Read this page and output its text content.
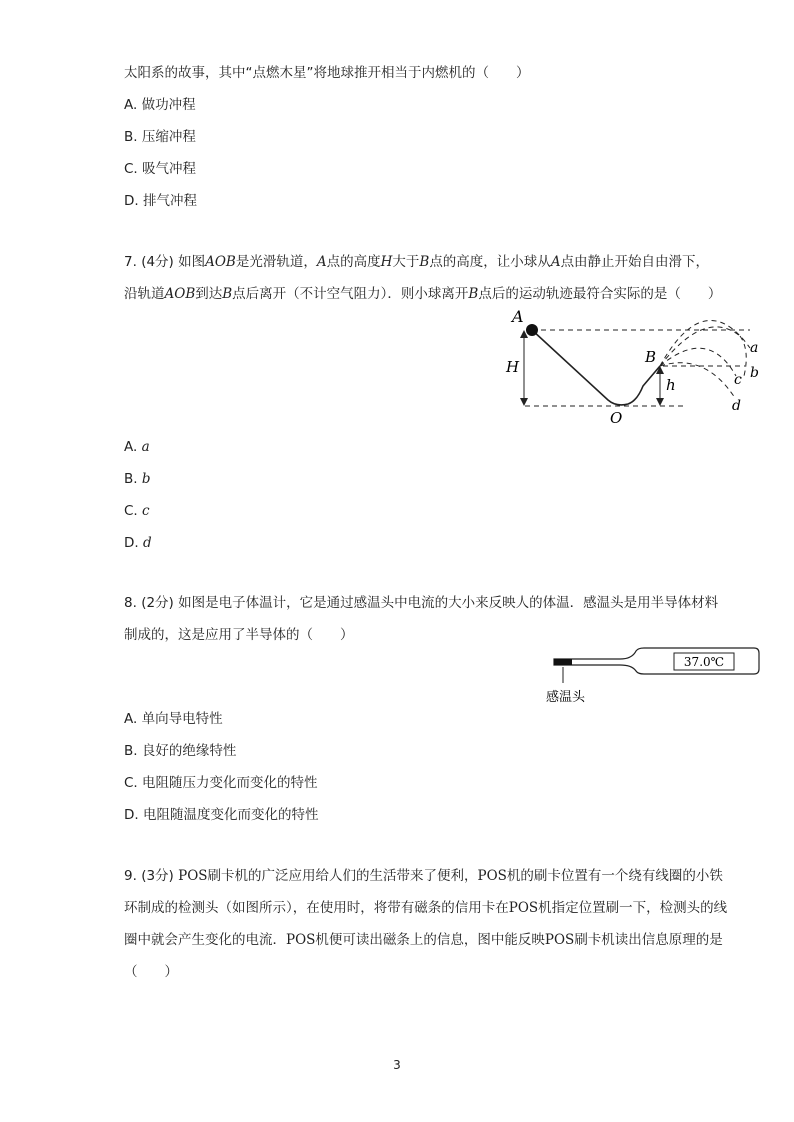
太阳系的故事，其中“点燃木星”将地球推开相当于内燃机的（　　）
A. 做功冲程
B. 压缩冲程
C. 吸气冲程
D. 排气冲程
7. (4分) 如图AOB是光滑轨道，A点的高度H大于B点的高度，让小球从A点由静止开始自由滑下，
沿轨道AOB到达B点后离开（不计空气阻力）．则小球离开B点后的运动轨迹最符合实际的是（　　）
A
H
B
h
O
a
b
c
d
A. a
B. b
C. c
D. d
8. (2分) 如图是电子体温计，它是通过感温头中电流的大小来反映人的体温．感温头是用半导体材料
制成的，这是应用了半导体的（　　）
37.0℃
感温头
A. 单向导电特性
B. 良好的绝缘特性
C. 电阻随压力变化而变化的特性
D. 电阻随温度变化而变化的特性
9. (3分) POS刷卡机的广泛应用给人们的生活带来了便利，POS机的刷卡位置有一个绕有线圈的小铁
环制成的检测头（如图所示），在使用时，将带有磁条的信用卡在POS机指定位置刷一下，检测头的线
圈中就会产生变化的电流．POS机便可读出磁条上的信息，图中能反映POS刷卡机读出信息原理的是
（　　）
3
